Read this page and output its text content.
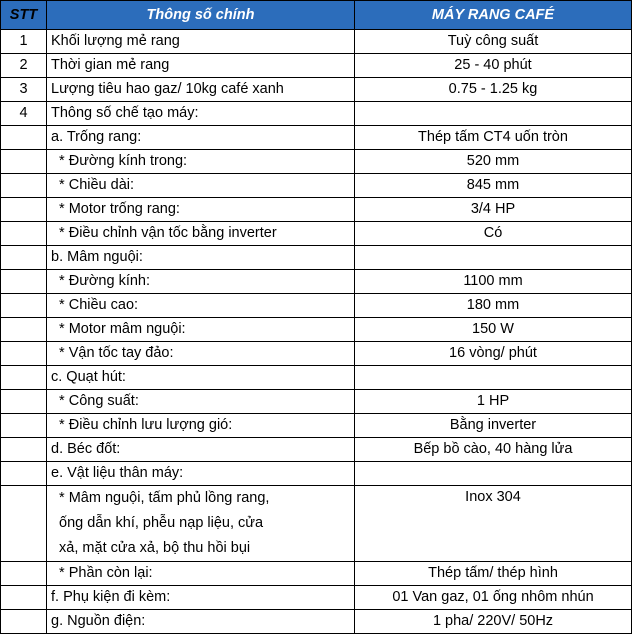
STT	Thông số chính	MÁY RANG CAFÉ
1	Khối lượng mẻ rang	Tuỳ công suất
2	Thời gian mẻ rang	25 - 40 phút
3	Lượng tiêu hao gaz/ 10kg café xanh	0.75 - 1.25 kg
4	Thông số chế tạo máy:	
	a. Trống rang:	Thép tấm CT4 uốn tròn
	* Đường kính trong:	520 mm
	* Chiều dài:	845 mm
	* Motor trống rang:	3/4 HP
	* Điều chỉnh vận tốc bằng inverter	Có
	b. Mâm nguội:	
	* Đường kính:	1100 mm
	* Chiều cao:	180 mm
	* Motor mâm nguội:	150 W
	* Vận tốc tay đảo:	16 vòng/ phút
	c. Quạt hút:	
	* Công suất:	1 HP
	* Điều chỉnh lưu lượng gió:	Bằng inverter
	d. Béc đốt:	Bếp bồ cào, 40 hàng lửa
	e. Vật liệu thân máy:	

	* Mâm nguội, tấm phủ lồng rang,
ống dẫn khí, phễu nạp liệu, cửa
xả, mặt cửa xả, bộ thu hồi bụi	Inox 304
	* Phần còn lại:	Thép tấm/ thép hình
	f. Phụ kiện đi kèm:	01 Van gaz, 01 ống nhôm nhún
	g. Nguồn điện:	1 pha/ 220V/ 50Hz
